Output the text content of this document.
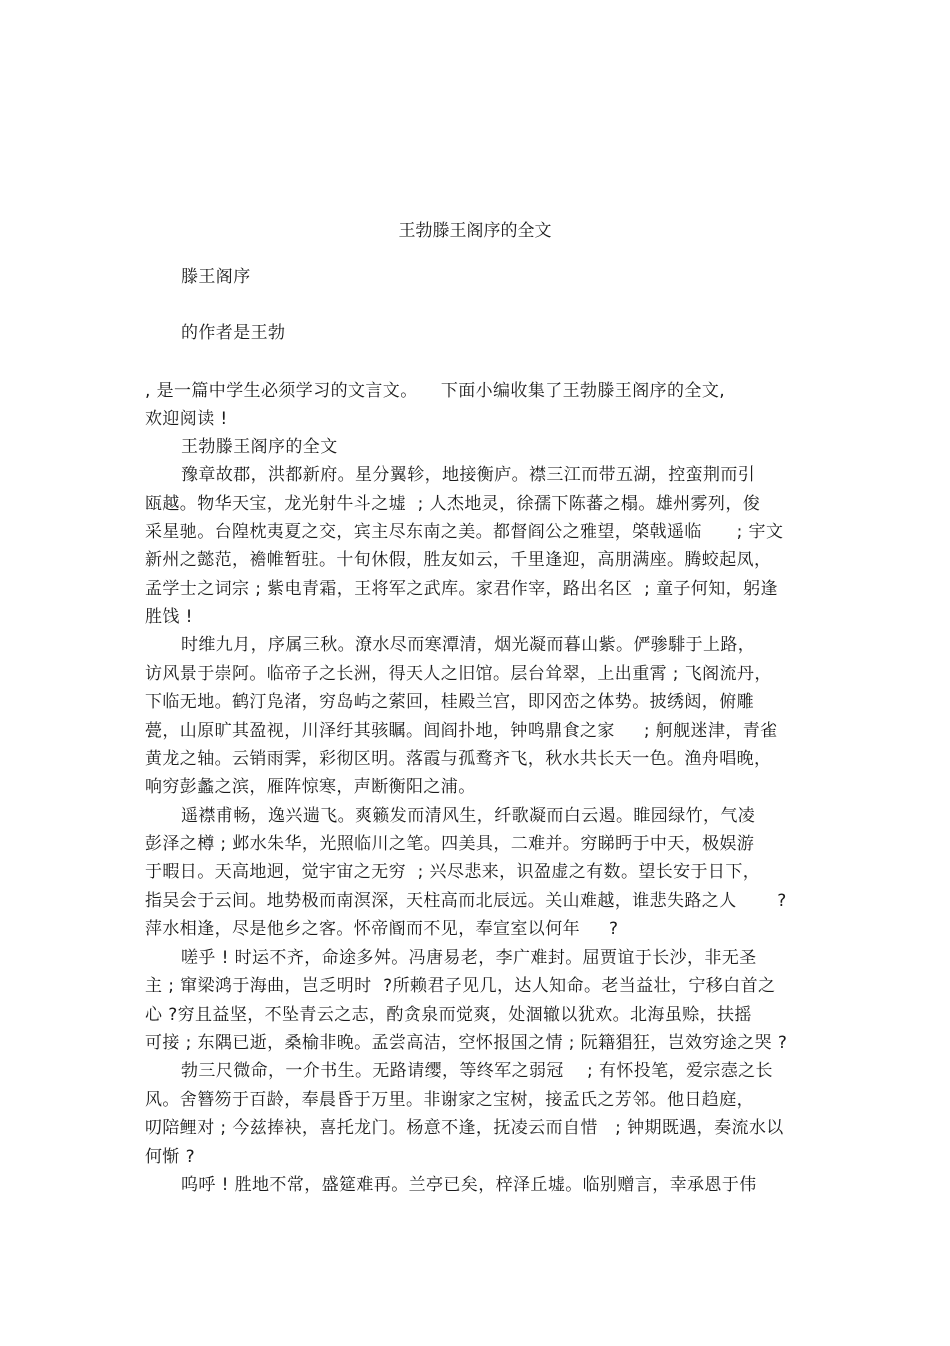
王勃滕王阁序的全文
滕王阁序
的作者是王勃
, 是一篇中学生必须学习的文言文。    下面小编收集了王勃滕王阁序的全文,
欢迎阅读 !
王勃滕王阁序的全文
豫章故郡，洪都新府。星分翼轸，地接衡庐。襟三江而带五湖，控蛮荆而引
瓯越。物华天宝，龙光射牛斗之墟  ; 人杰地灵，徐孺下陈蕃之榻。雄州雾列，俊
采星驰。台隍枕夷夏之交，宾主尽东南之美。都督阎公之雅望，棨戟遥临      ; 宇文
新州之懿范，襜帷暂驻。十旬休假，胜友如云，千里逢迎，高朋满座。腾蛟起凤，
孟学士之词宗 ; 紫电青霜，王将军之武库。家君作宰，路出名区  ; 童子何知，躬逢
胜饯 !
时维九月，序属三秋。潦水尽而寒潭清，烟光凝而暮山紫。俨骖騑于上路，
访风景于崇阿。临帝子之长洲，得天人之旧馆。层台耸翠，上出重霄 ; 飞阁流丹，
下临无地。鹤汀凫渚，穷岛屿之萦回，桂殿兰宫，即冈峦之体势。披绣闼，俯雕
甍，山原旷其盈视，川泽纡其骇瞩。闾阎扑地，钟鸣鼎食之家     ; 舸舰迷津，青雀
黄龙之轴。云销雨霁，彩彻区明。落霞与孤鹜齐飞，秋水共长天一色。渔舟唱晚，
响穷彭蠡之滨，雁阵惊寒，声断衡阳之浦。
遥襟甫畅，逸兴遄飞。爽籁发而清风生，纤歌凝而白云遏。睢园绿竹，气凌
彭泽之樽 ; 邺水朱华，光照临川之笔。四美具，二难并。穷睇眄于中天，极娱游
于暇日。天高地迥，觉宇宙之无穷  ; 兴尽悲来，识盈虚之有数。望长安于日下，
指吴会于云间。地势极而南溟深，天柱高而北辰远。关山难越，谁悲失路之人       ?
萍水相逢，尽是他乡之客。怀帝阍而不见，奉宣室以何年     ?
嗟乎 ! 时运不齐，命途多舛。冯唐易老，李广难封。屈贾谊于长沙，非无圣
主 ; 窜梁鸿于海曲，岂乏明时  ?所赖君子见几，达人知命。老当益壮，宁移白首之
心 ?穷且益坚，不坠青云之志，酌贪泉而觉爽，处涸辙以犹欢。北海虽赊，扶摇
可接 ; 东隅已逝，桑榆非晚。孟尝高洁，空怀报国之情 ; 阮籍猖狂，岂效穷途之哭 ?
勃三尺微命，一介书生。无路请缨，等终军之弱冠    ; 有怀投笔，爱宗悫之长
风。舍簪笏于百龄，奉晨昏于万里。非谢家之宝树，接孟氏之芳邻。他日趋庭，
叨陪鲤对 ; 今兹捧袂，喜托龙门。杨意不逢，抚凌云而自惜   ; 钟期既遇，奏流水以
何惭 ?
呜呼 ! 胜地不常，盛筵难再。兰亭已矣，梓泽丘墟。临别赠言，幸承恩于伟
